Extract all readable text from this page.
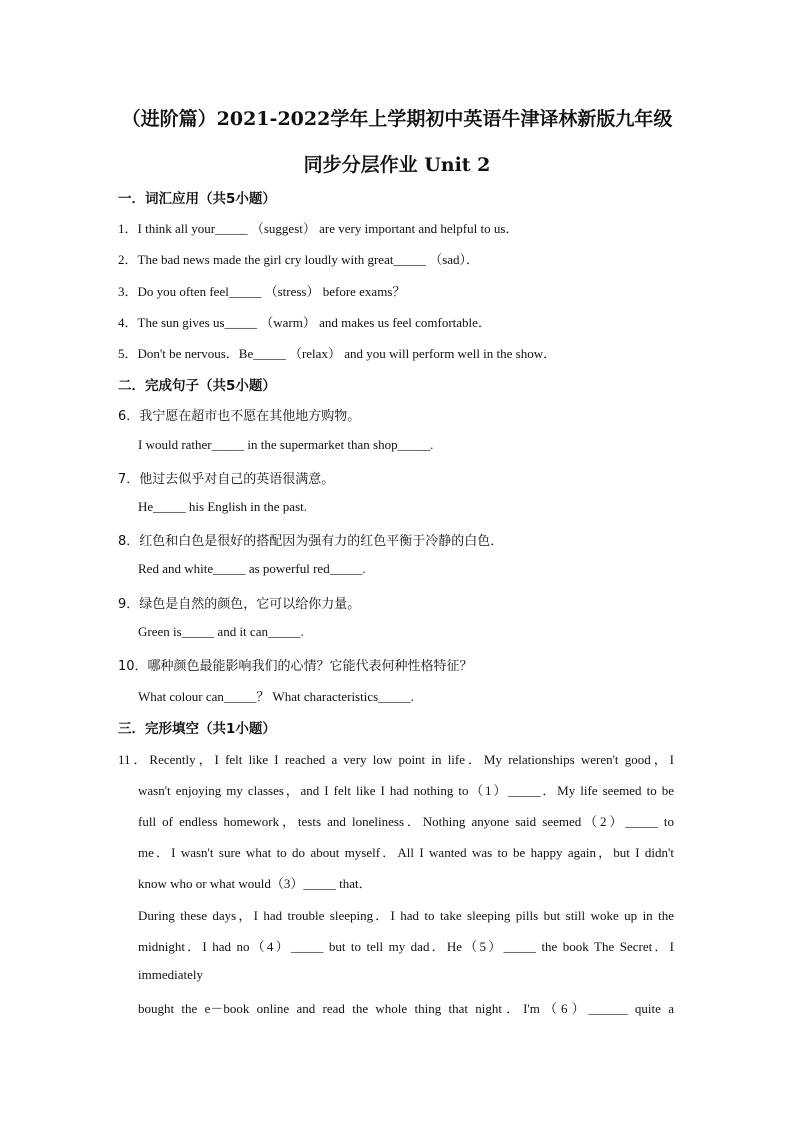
（进阶篇）2021-2022学年上学期初中英语牛津译林新版九年级
同步分层作业 Unit 2
一．词汇应用（共5小题）
1．I think all your_____ （suggest） are very important and helpful to us．
2．The bad news made the girl cry loudly with great_____ （sad）．
3．Do you often feel_____ （stress） before exams？
4．The sun gives us_____ （warm） and makes us feel comfortable．
5．Don't be nervous．Be_____ （relax） and you will perform well in the show．
二．完成句子（共5小题）
6．我宁愿在超市也不愿在其他地方购物。
I would rather_____ in the supermarket than shop_____.
7．他过去似乎对自己的英语很满意。
He_____ his English in the past.
8．红色和白色是很好的搭配因为强有力的红色平衡于冷静的白色．
Red and white_____ as powerful red_____.
9．绿色是自然的颜色，它可以给你力量。
Green is_____ and it can_____.
10．哪种颜色最能影响我们的心情？它能代表何种性格特征？
What colour can_____？ What characteristics_____.
三．完形填空（共1小题）
11．Recently，I felt like I reached a very low point in life．My relationships weren't good，I
wasn't enjoying my classes，and I felt like I had nothing to（1）_____．My life seemed to be
full of endless homework，tests and loneliness．Nothing anyone said seemed（2）_____ to
me．I wasn't sure what to do about myself．All I wanted was to be happy again，but I didn't
know who or what would（3）_____ that．
During these days，I had trouble sleeping．I had to take sleeping pills but still woke up in the
midnight．I had no（4）_____ but to tell my dad．He（5）_____ the book The Secret．I
immediately
bought the e－book online and read the whole thing that night．I'm（6）______ quite a
